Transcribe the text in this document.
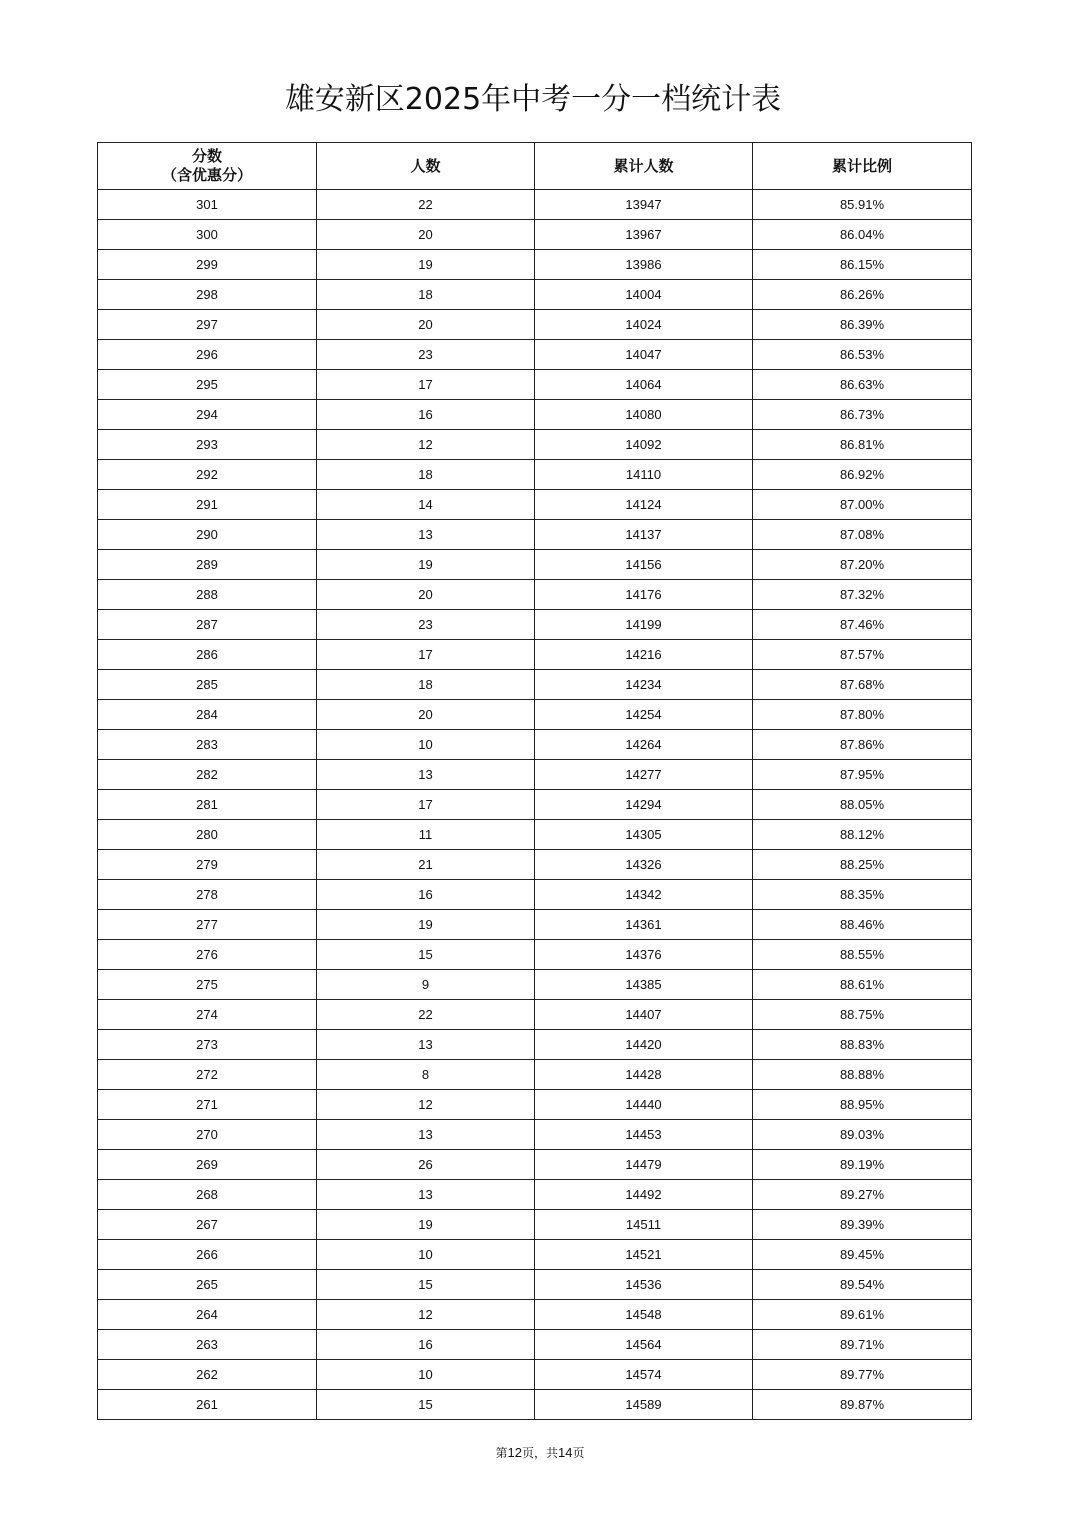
雄安新区2025年中考一分一档统计表
分数
（含优惠分）	人数	累计人数	累计比例
301	22	13947	85.91%
300	20	13967	86.04%
299	19	13986	86.15%
298	18	14004	86.26%
297	20	14024	86.39%
296	23	14047	86.53%
295	17	14064	86.63%
294	16	14080	86.73%
293	12	14092	86.81%
292	18	14110	86.92%
291	14	14124	87.00%
290	13	14137	87.08%
289	19	14156	87.20%
288	20	14176	87.32%
287	23	14199	87.46%
286	17	14216	87.57%
285	18	14234	87.68%
284	20	14254	87.80%
283	10	14264	87.86%
282	13	14277	87.95%
281	17	14294	88.05%
280	11	14305	88.12%
279	21	14326	88.25%
278	16	14342	88.35%
277	19	14361	88.46%
276	15	14376	88.55%
275	9	14385	88.61%
274	22	14407	88.75%
273	13	14420	88.83%
272	8	14428	88.88%
271	12	14440	88.95%
270	13	14453	89.03%
269	26	14479	89.19%
268	13	14492	89.27%
267	19	14511	89.39%
266	10	14521	89.45%
265	15	14536	89.54%
264	12	14548	89.61%
263	16	14564	89.71%
262	10	14574	89.77%
261	15	14589	89.87%
第12页，共14页
